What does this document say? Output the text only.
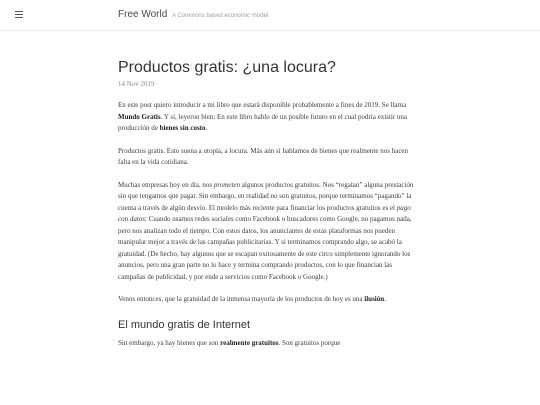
Free World A Commons based economic model
Productos gratis: ¿una locura?
14 Nov 2019

En este post quiero introducir a mi libro que estará disponible probablemente a fines de 2019. Se llama Mundo Gratis. Y sí, leyeron bien: En este libro hablo de un posible futuro en el cual podría existir una producción de bienes sin costo.

Productos gratis. Esto suena a utopía, a locura. Más aún si hablamos de bienes que realmente nos hacen falta en la vida cotidiana.

Muchas empresas hoy en día, nos prometen algunos productos gratuitos. Nos “regalan” alguna prestación sin que tengamos que pagar. Sin embargo, en realidad no son gratuitos, porque terminamos “pagando” la cuenta a través de algún desvío. El modelo más reciente para financiar los productos gratuitos es el pago con datos: Cuando usamos redes sociales como Facebook o buscadores como Google, no pagamos nada, pero nos analizan todo el tiempo. Con estos datos, los anunciantes de estas plataformas nos pueden manipular mejor a través de las campañas publicitarias. Y si terminamos comprando algo, se acabó la gratuidad. (De hecho, hay algunos que se escapan exitosamente de este circo simplemente ignorando los anuncios, pero una gran parte no lo hace y termina comprando productos, con lo que financian las campañas de publicidad, y por ende a servicios como Facebook o Google.)

Venos entonces, que la gratuidad de la inmensa mayoría de los productos de hoy es una ilusión.

El mundo gratis de Internet

Sin embargo, ya hay bienes que son realmente gratuitos. Son gratuitos porque
